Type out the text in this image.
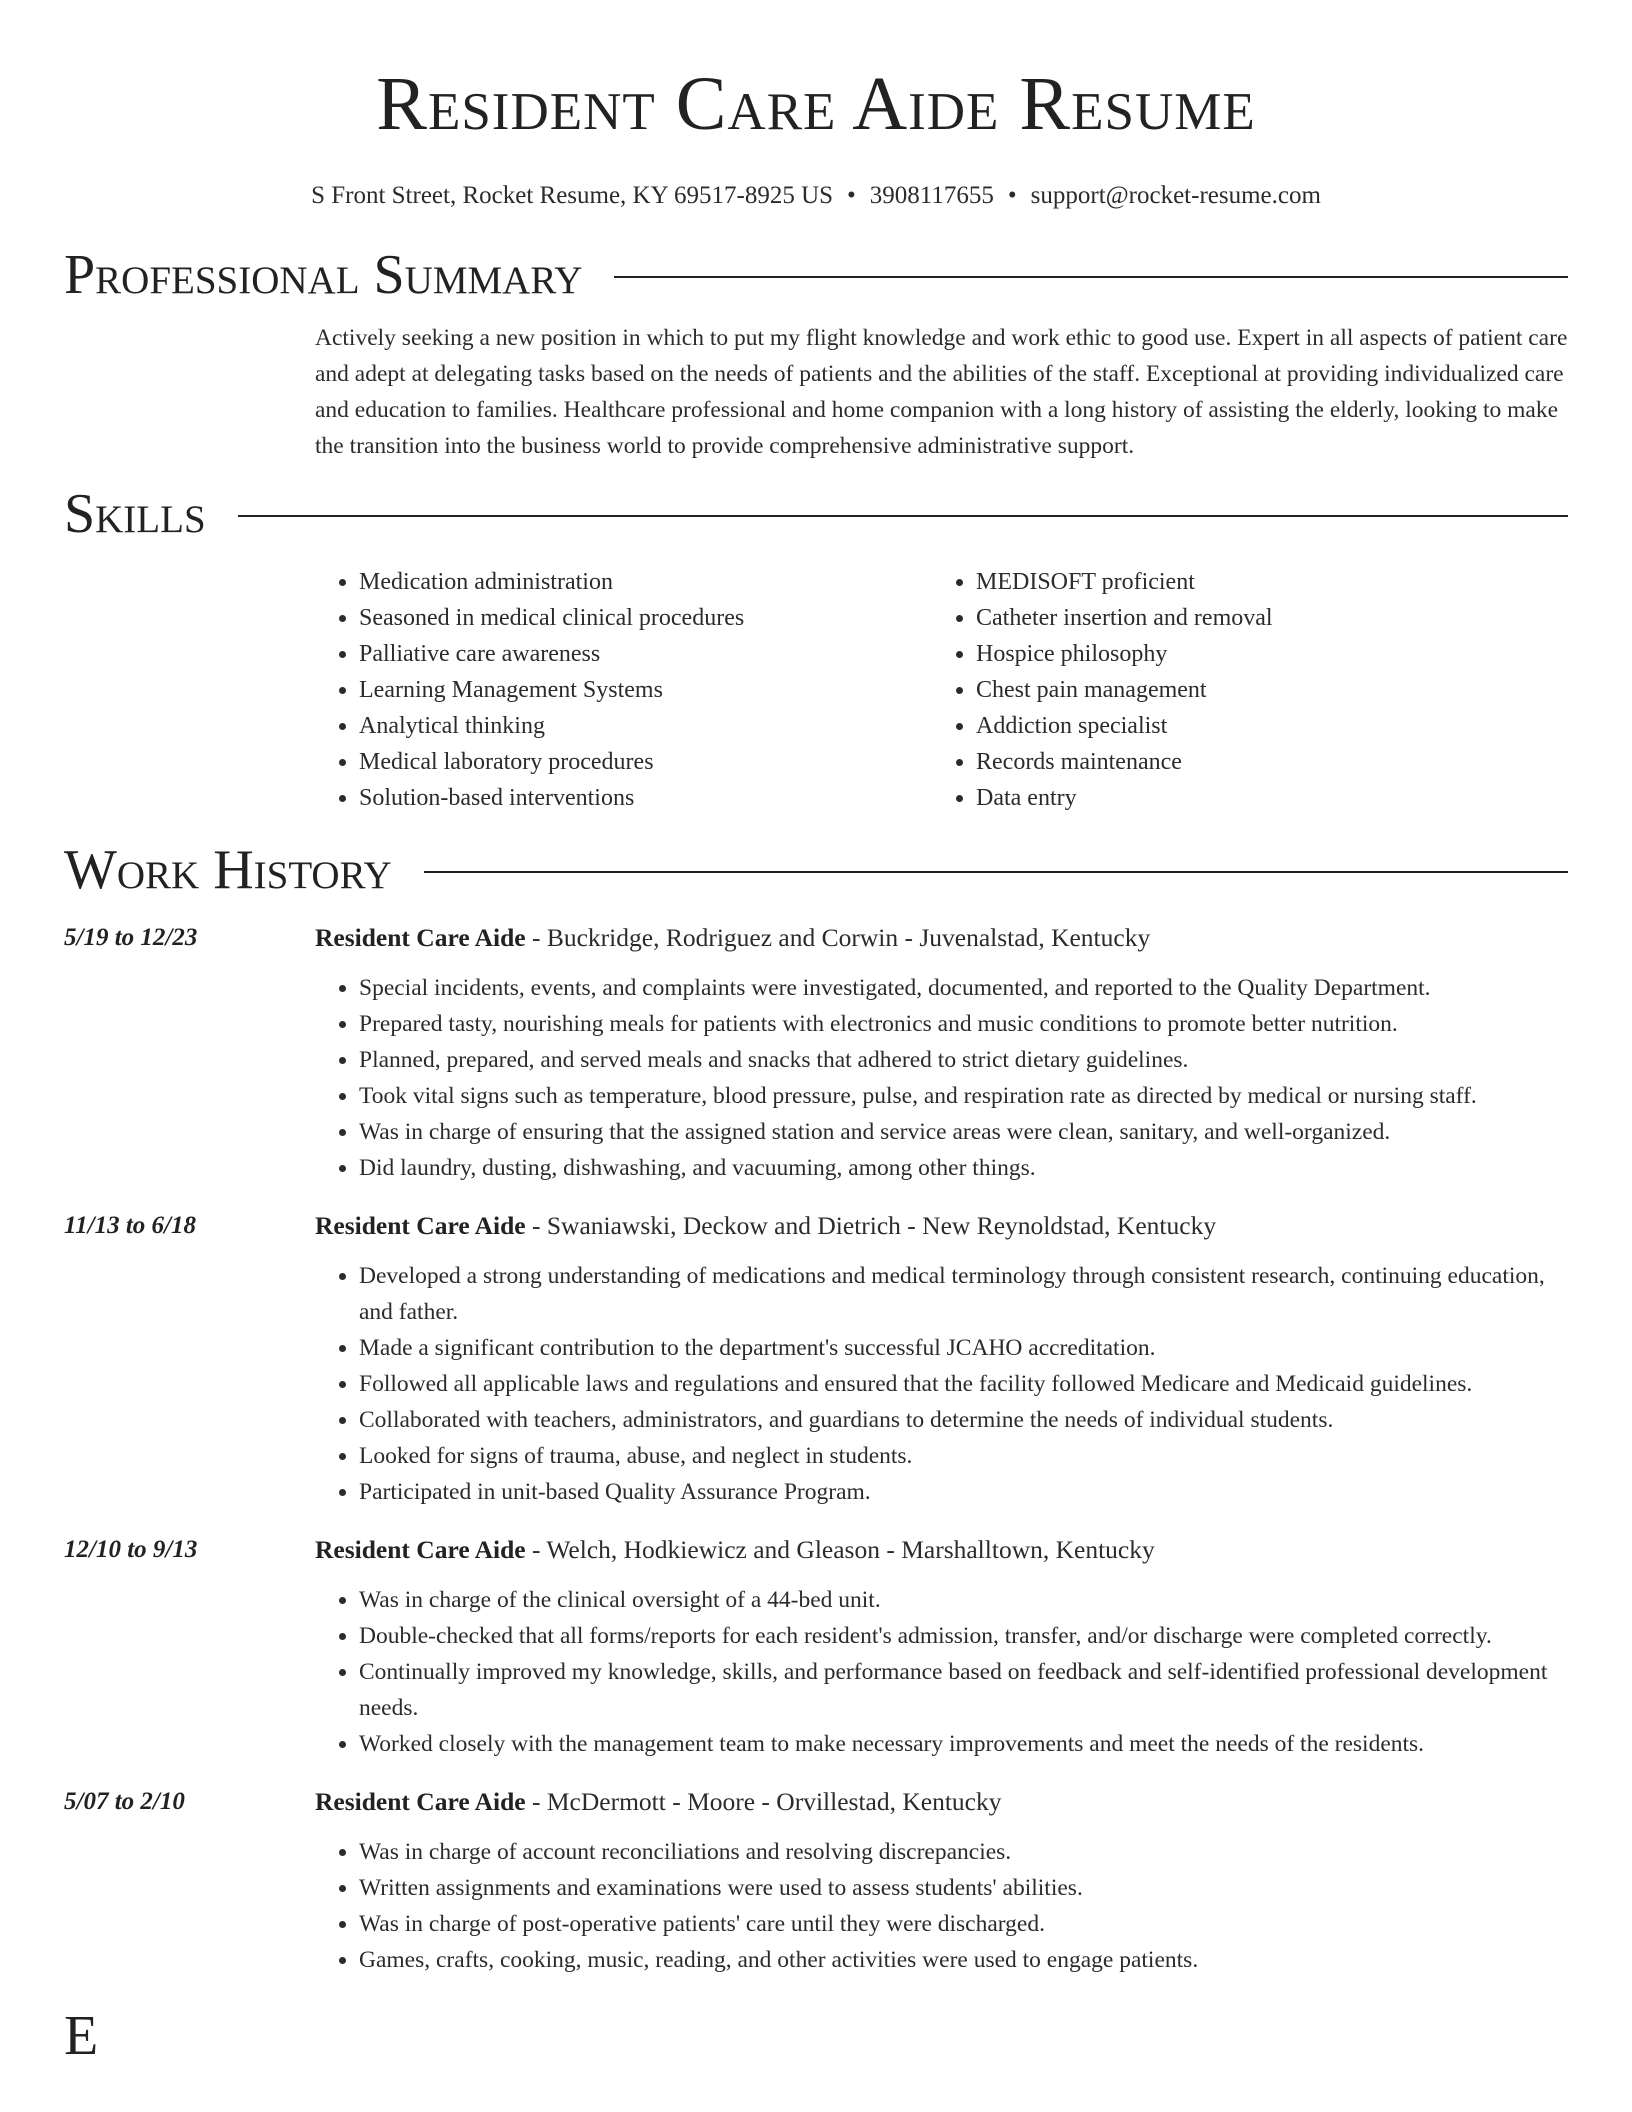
Resident Care Aide Resume
S Front Street, Rocket Resume, KY 69517-8925 US • 3908117655 • support@rocket-resume.com
Professional Summary
Actively seeking a new position in which to put my flight knowledge and work ethic to good use. Expert in all aspects of patient care and adept at delegating tasks based on the needs of patients and the abilities of the staff. Exceptional at providing individualized care and education to families. Healthcare professional and home companion with a long history of assisting the elderly, looking to make the transition into the business world to provide comprehensive administrative support.
Skills
• Medication administration
• Seasoned in medical clinical procedures
• Palliative care awareness
• Learning Management Systems
• Analytical thinking
• Medical laboratory procedures
• Solution-based interventions
• MEDISOFT proficient
• Catheter insertion and removal
• Hospice philosophy
• Chest pain management
• Addiction specialist
• Records maintenance
• Data entry
Work History
5/19 to 12/23	Resident Care Aide - Buckridge, Rodriguez and Corwin - Juvenalstad, Kentucky
• Special incidents, events, and complaints were investigated, documented, and reported to the Quality Department.
• Prepared tasty, nourishing meals for patients with electronics and music conditions to promote better nutrition.
• Planned, prepared, and served meals and snacks that adhered to strict dietary guidelines.
• Took vital signs such as temperature, blood pressure, pulse, and respiration rate as directed by medical or nursing staff.
• Was in charge of ensuring that the assigned station and service areas were clean, sanitary, and well-organized.
• Did laundry, dusting, dishwashing, and vacuuming, among other things.
11/13 to 6/18	Resident Care Aide - Swaniawski, Deckow and Dietrich - New Reynoldstad, Kentucky
• Developed a strong understanding of medications and medical terminology through consistent research, continuing education, and father.
• Made a significant contribution to the department's successful JCAHO accreditation.
• Followed all applicable laws and regulations and ensured that the facility followed Medicare and Medicaid guidelines.
• Collaborated with teachers, administrators, and guardians to determine the needs of individual students.
• Looked for signs of trauma, abuse, and neglect in students.
• Participated in unit-based Quality Assurance Program.
12/10 to 9/13	Resident Care Aide - Welch, Hodkiewicz and Gleason - Marshalltown, Kentucky
• Was in charge of the clinical oversight of a 44-bed unit.
• Double-checked that all forms/reports for each resident's admission, transfer, and/or discharge were completed correctly.
• Continually improved my knowledge, skills, and performance based on feedback and self-identified professional development needs.
• Worked closely with the management team to make necessary improvements and meet the needs of the residents.
5/07 to 2/10	Resident Care Aide - McDermott - Moore - Orvillestad, Kentucky
• Was in charge of account reconciliations and resolving discrepancies.
• Written assignments and examinations were used to assess students' abilities.
• Was in charge of post-operative patients' care until they were discharged.
• Games, crafts, cooking, music, reading, and other activities were used to engage patients.
E
